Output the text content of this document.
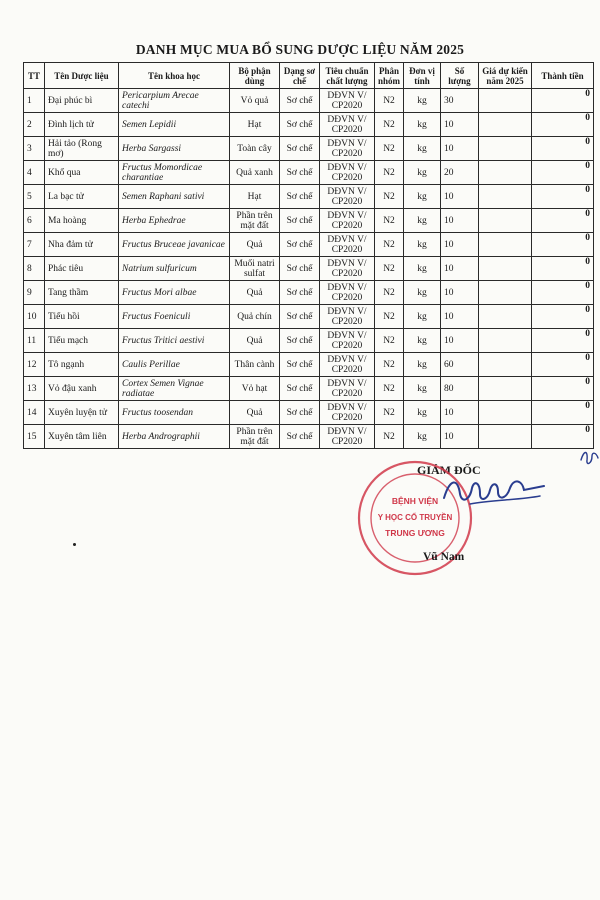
DANH MỤC MUA BỔ SUNG DƯỢC LIỆU NĂM 2025
TT	Tên Dược liệu	Tên khoa học	Bộ phận dùng	Dạng sơ chế	Tiêu chuẩn chất lượng	Phân nhóm	Đơn vị tính	Số lượng	Giá dự kiến năm 2025	Thành tiền
1	Đại phúc bì	Pericarpium Arecae catechi	Vỏ quả	Sơ chế	DĐVN V/ CP2020	N2	kg	30		0
2	Đình lịch tử	Semen Lepidii	Hạt	Sơ chế	DĐVN V/ CP2020	N2	kg	10		0
3	Hải tảo (Rong mơ)	Herba Sargassi	Toàn cây	Sơ chế	DĐVN V/ CP2020	N2	kg	10		0
4	Khổ qua	Fructus Momordicae charantiae	Quả xanh	Sơ chế	DĐVN V/ CP2020	N2	kg	20		0
5	La bạc tử	Semen Raphani sativi	Hạt	Sơ chế	DĐVN V/ CP2020	N2	kg	10		0
6	Ma hoàng	Herba Ephedrae	Phần trên mặt đất	Sơ chế	DĐVN V/ CP2020	N2	kg	10		0
7	Nha đảm tử	Fructus Bruceae javanicae	Quả	Sơ chế	DĐVN V/ CP2020	N2	kg	10		0
8	Phác tiêu	Natrium sulfuricum	Muối natri sulfat	Sơ chế	DĐVN V/ CP2020	N2	kg	10		0
9	Tang thầm	Fructus Mori albae	Quả	Sơ chế	DĐVN V/ CP2020	N2	kg	10		0
10	Tiểu hồi	Fructus Foeniculi	Quả chín	Sơ chế	DĐVN V/ CP2020	N2	kg	10		0
11	Tiểu mạch	Fructus Tritici aestivi	Quả	Sơ chế	DĐVN V/ CP2020	N2	kg	10		0
12	Tô ngạnh	Caulis Perillae	Thân cành	Sơ chế	DĐVN V/ CP2020	N2	kg	60		0
13	Vỏ đậu xanh	Cortex Semen Vignae radiatae	Vỏ hạt	Sơ chế	DĐVN V/ CP2020	N2	kg	80		0
14	Xuyên luyện tử	Fructus toosendan	Quả	Sơ chế	DĐVN V/ CP2020	N2	kg	10		0
15	Xuyên tâm liên	Herba Andrographii	Phần trên mặt đất	Sơ chế	DĐVN V/ CP2020	N2	kg	10		0
GIÁM ĐỐC
BỆNH VIỆN
Y HỌC CỔ TRUYỀN
TRUNG ƯƠNG
Vũ Nam
